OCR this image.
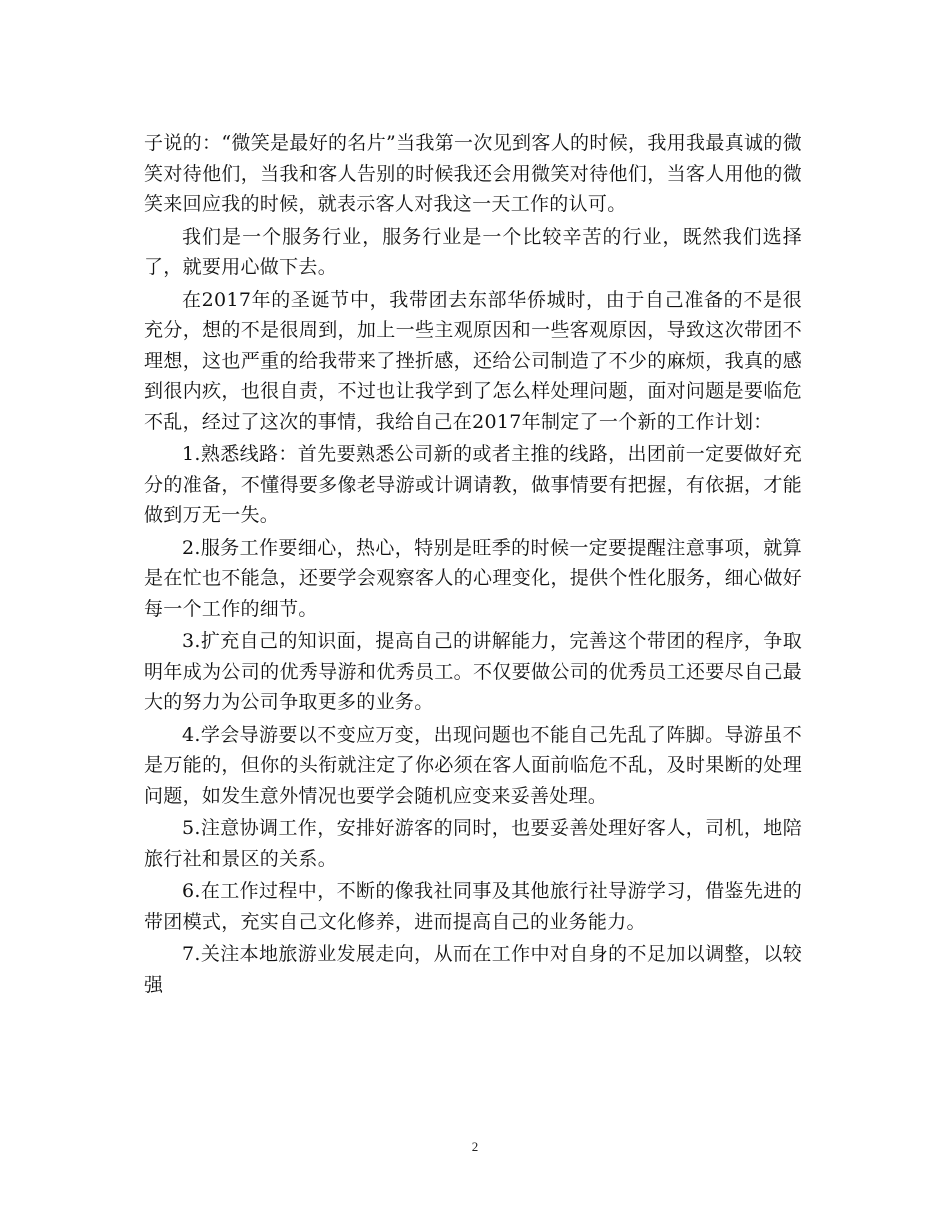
子说的：“微笑是最好的名片”当我第一次见到客人的时候，我用我最真诚的微笑对待他们，当我和客人告别的时候我还会用微笑对待他们，当客人用他的微笑来回应我的时候，就表示客人对我这一天工作的认可。

我们是一个服务行业，服务行业是一个比较辛苦的行业，既然我们选择了，就要用心做下去。

在2017年的圣诞节中，我带团去东部华侨城时，由于自己准备的不是很充分，想的不是很周到，加上一些主观原因和一些客观原因，导致这次带团不理想，这也严重的给我带来了挫折感，还给公司制造了不少的麻烦，我真的感到很内疚，也很自责，不过也让我学到了怎么样处理问题，面对问题是要临危不乱，经过了这次的事情，我给自己在2017年制定了一个新的工作计划：

1.熟悉线路：首先要熟悉公司新的或者主推的线路，出团前一定要做好充分的准备，不懂得要多像老导游或计调请教，做事情要有把握，有依据，才能做到万无一失。

2.服务工作要细心，热心，特别是旺季的时候一定要提醒注意事项，就算是在忙也不能急，还要学会观察客人的心理变化，提供个性化服务，细心做好每一个工作的细节。

3.扩充自己的知识面，提高自己的讲解能力，完善这个带团的程序，争取明年成为公司的优秀导游和优秀员工。不仅要做公司的优秀员工还要尽自己最大的努力为公司争取更多的业务。

4.学会导游要以不变应万变，出现问题也不能自己先乱了阵脚。导游虽不是万能的，但你的头衔就注定了你必须在客人面前临危不乱，及时果断的处理问题，如发生意外情况也要学会随机应变来妥善处理。

5.注意协调工作，安排好游客的同时，也要妥善处理好客人，司机，地陪旅行社和景区的关系。

6.在工作过程中，不断的像我社同事及其他旅行社导游学习，借鉴先进的带团模式，充实自己文化修养，进而提高自己的业务能力。

7.关注本地旅游业发展走向，从而在工作中对自身的不足加以调整，以较强

2
